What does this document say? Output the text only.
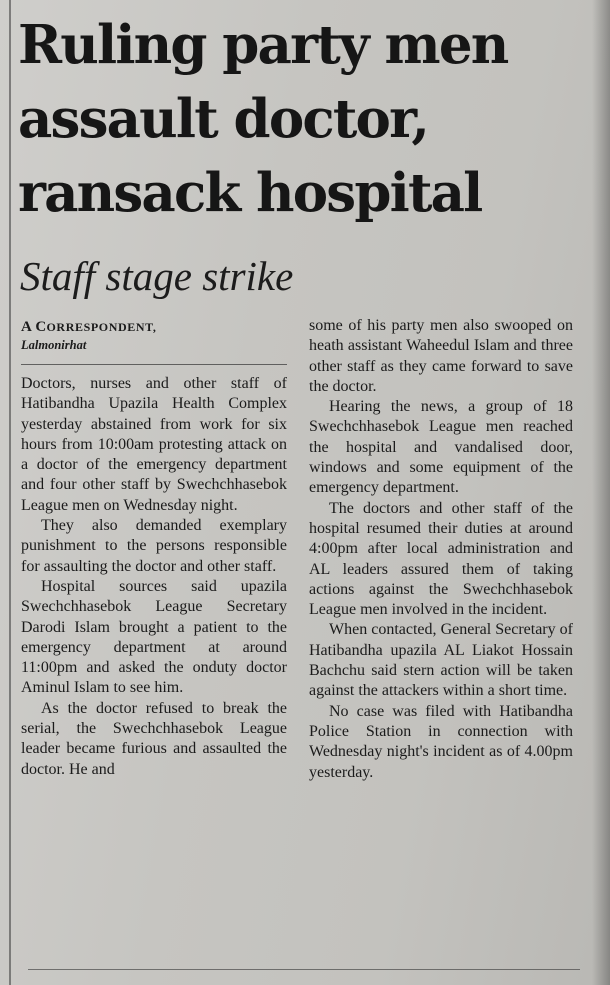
Ruling party men
assault doctor,
ransack hospital
Staff stage strike
A CORRESPONDENT,
Lalmonirhat

Doctors, nurses and other staff of Hatibandha Upazila Health Complex yesterday abstained from work for six hours from 10:00am protesting attack on a doctor of the emergency department and four other staff by Swechchhasebok League men on Wednesday night.

They also demanded exemplary punishment to the persons responsible for assaulting the doctor and other staff.

Hospital sources said upazila Swechchhasebok League Secretary Darodi Islam brought a patient to the emergency department at around 11:00pm and asked the onduty doctor Aminul Islam to see him.

As the doctor refused to break the serial, the Swechchhasebok League leader became furious and assaulted the doctor. He and

some of his party men also swooped on heath assistant Waheedul Islam and three other staff as they came forward to save the doctor.

Hearing the news, a group of 18 Swechchhasebok League men reached the hospital and vandalised door, windows and some equipment of the emergency department.

The doctors and other staff of the hospital resumed their duties at around 4:00pm after local administration and AL leaders assured them of taking actions against the Swechchhasebok League men involved in the incident.

When contacted, General Secretary of Hatibandha upazila AL Liakot Hossain Bachchu said stern action will be taken against the attackers within a short time.

No case was filed with Hatibandha Police Station in connection with Wednesday night's incident as of 4.00pm yesterday.
